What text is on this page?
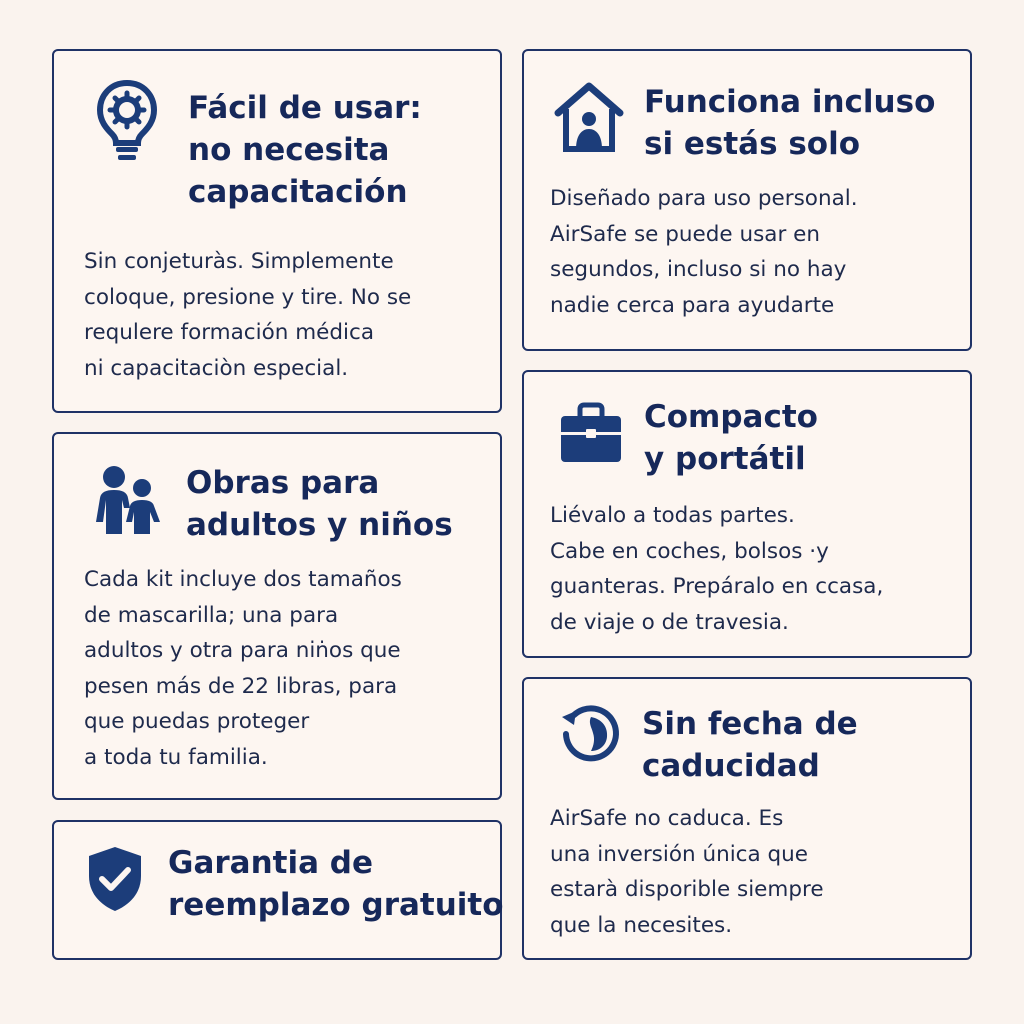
Fácil de usar:
no necesita
capacitación
Sin conjeturàs. Simplemente
coloque, presione y tire. No se
requlere formación médica
ni capacitaciòn especial.
Funciona incluso
si estás solo
Diseñado para uso personal.
AirSafe se puede usar en
segundos, incluso si no hay
nadie cerca para ayudarte
Obras para
adultos y niños
Cada kit incluye dos tamaños
de mascarilla; una para
adultos y otra para niṅos que
pesen más de 22 libras, para
que puedas proteger
a toda tu familia.
Compacto
y portátil
Liévalo a todas partes.
Cabe en coches, bolsos ·y
guanteras. Prepáralo en ccasa,
de viaje o de travesia.
Sin fecha de
caducidad
AirSafe no caduca. Es
una inversión única que
estarà disporible siempre
que la necesites.
Garantia de
reemplazo gratuito
